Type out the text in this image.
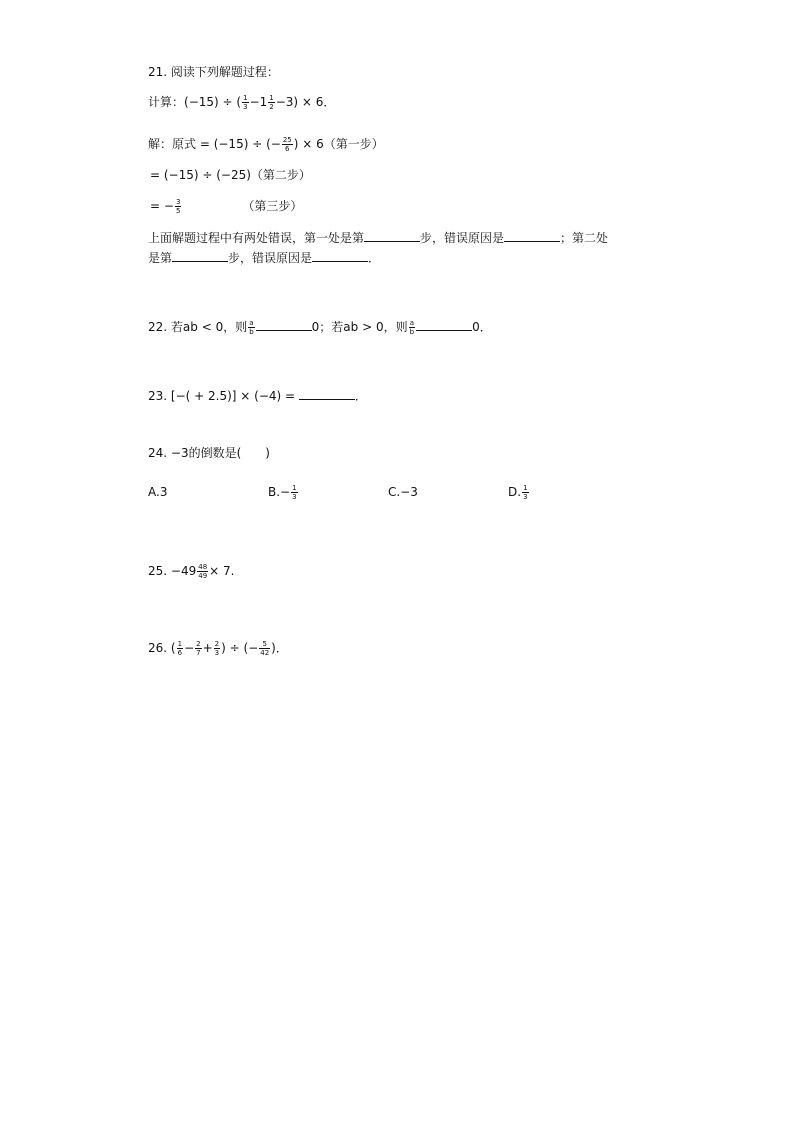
21. 阅读下列解题过程：
计算：(−15) ÷ ( $\frac{1}{3} -1 \frac{1}{2} -3) \times 6$．
解：原式 = (−15) ÷ (− $\frac{25}{6}$ ) × 6（第一步）
= (−15) ÷ (−25)（第二步）
= − $\frac{3}{5}$	（第三步）
上面解题过程中有两处错误，第一处是第	步，错误原因是	；第二处
是第	步，错误原因是	．
22. 若ab < 0，则 $\frac{a}{b}$	0；若ab > 0，则 $\frac{a}{b}$	0．
23. [−( + 2.5)] × (−4) =	．
24. −3的倒数是(　　)
A.3	$B.- \frac{1}{3}$	C.−3	D. $\frac{1}{3}$
25. $-49 \frac{48}{49} \times 7$.
26. ( $\frac{1}{6} - \frac{2}{7} + \frac{2}{3}$ ) ÷ (− $\frac{5}{42}$ )．
